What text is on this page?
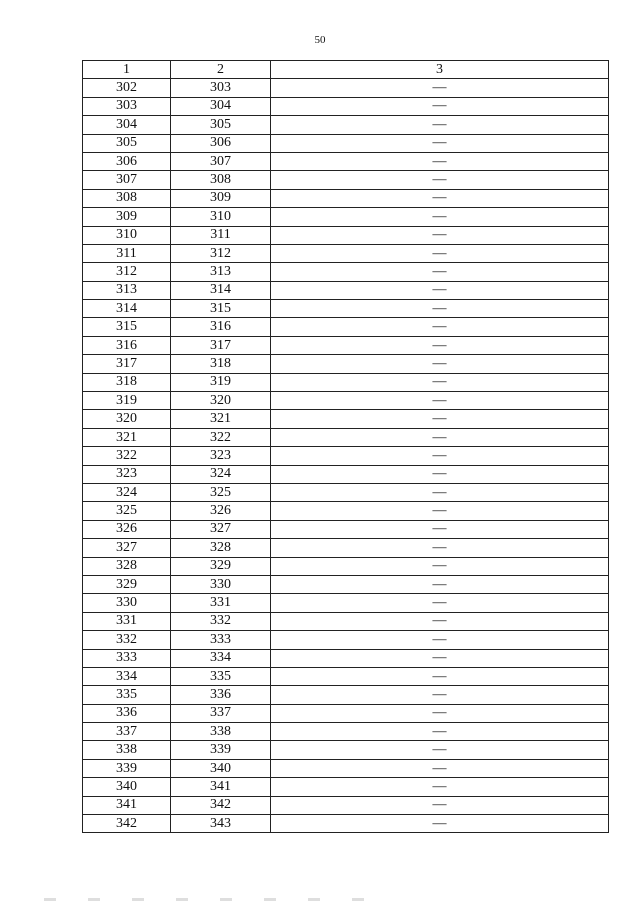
50
1	2	3
302	303	—
303	304	—
304	305	—
305	306	—
306	307	—
307	308	—
308	309	—
309	310	—
310	311	—
311	312	—
312	313	—
313	314	—
314	315	—
315	316	—
316	317	—
317	318	—
318	319	—
319	320	—
320	321	—
321	322	—
322	323	—
323	324	—
324	325	—
325	326	—
326	327	—
327	328	—
328	329	—
329	330	—
330	331	—
331	332	—
332	333	—
333	334	—
334	335	—
335	336	—
336	337	—
337	338	—
338	339	—
339	340	—
340	341	—
341	342	—
342	343	—
